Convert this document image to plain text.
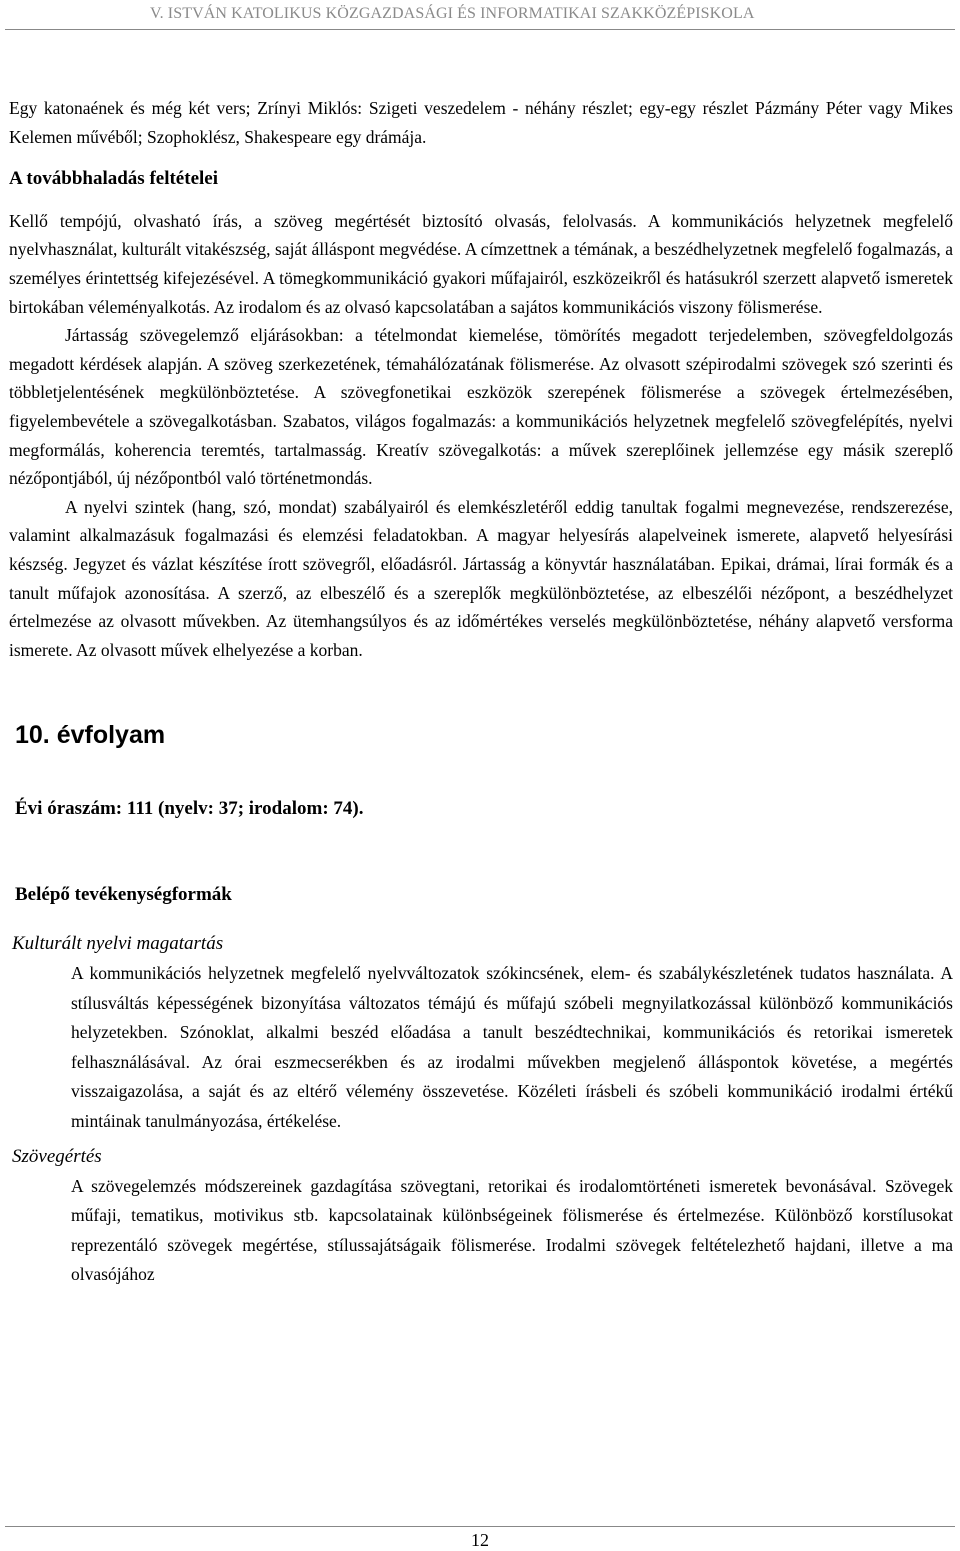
V. ISTVÁN KATOLIKUS KÖZGAZDASÁGI ÉS INFORMATIKAI SZAKKÖZÉPISKOLA

Egy katonaének és még két vers; Zrínyi Miklós: Szigeti veszedelem - néhány részlet; egy-egy részlet Pázmány Péter vagy Mikes Kelemen művéből; Szophoklész, Shakespeare egy drámája.

A továbbhaladás feltételei

Kellő tempójú, olvasható írás, a szöveg megértését biztosító olvasás, felolvasás. A kommunikációs helyzetnek megfelelő nyelvhasználat, kulturált vitakészség, saját álláspont megvédése. A címzettnek a témának, a beszédhelyzetnek megfelelő fogalmazás, a személyes érintettség kifejezésével. A tömegkommunikáció gyakori műfajairól, eszközeikről és hatásukról szerzett alapvető ismeretek birtokában véleményalkotás. Az irodalom és az olvasó kapcsolatában a sajátos kommunikációs viszony fölismerése.

Jártasság szövegelemző eljárásokban: a tételmondat kiemelése, tömörítés megadott terjedelemben, szövegfeldolgozás megadott kérdések alapján. A szöveg szerkezetének, témahálózatának fölismerése. Az olvasott szépirodalmi szövegek szó szerinti és többletjelentésének megkülönböztetése. A szövegfonetikai eszközök szerepének fölismerése a szövegek értelmezésében, figyelembevétele a szövegalkotásban. Szabatos, világos fogalmazás: a kommunikációs helyzetnek megfelelő szövegfelépítés, nyelvi megformálás, koherencia teremtés, tartalmasság. Kreatív szövegalkotás: a művek szereplőinek jellemzése egy másik szereplő nézőpontjából, új nézőpontból való történetmondás.

A nyelvi szintek (hang, szó, mondat) szabályairól és elemkészletéről eddig tanultak fogalmi megnevezése, rendszerezése, valamint alkalmazásuk fogalmazási és elemzési feladatokban. A magyar helyesírás alapelveinek ismerete, alapvető helyesírási készség. Jegyzet és vázlat készítése írott szövegről, előadásról. Jártasság a könyvtár használatában. Epikai, drámai, lírai formák és a tanult műfajok azonosítása. A szerző, az elbeszélő és a szereplők megkülönböztetése, az elbeszélői nézőpont, a beszédhelyzet értelmezése az olvasott művekben. Az ütemhangsúlyos és az időmértékes verselés megkülönböztetése, néhány alapvető versforma ismerete. Az olvasott művek elhelyezése a korban.

10. évfolyam

Évi óraszám: 111 (nyelv: 37; irodalom: 74).

Belépő tevékenységformák

Kulturált nyelvi magatartás

A kommunikációs helyzetnek megfelelő nyelvváltozatok szókincsének, elem- és szabálykészletének tudatos használata. A stílusváltás képességének bizonyítása változatos témájú és műfajú szóbeli megnyilatkozással különböző kommunikációs helyzetekben. Szónoklat, alkalmi beszéd előadása a tanult beszédtechnikai, kommunikációs és retorikai ismeretek felhasználásával. Az órai eszmecserékben és az irodalmi művekben megjelenő álláspontok követése, a megértés visszaigazolása, a saját és az eltérő vélemény összevetése. Közéleti írásbeli és szóbeli kommunikáció irodalmi értékű mintáinak tanulmányozása, értékelése.

Szövegértés

A szövegelemzés módszereinek gazdagítása szövegtani, retorikai és irodalomtörténeti ismeretek bevonásával. Szövegek műfaji, tematikus, motivikus stb. kapcsolatainak különbségeinek fölismerése és értelmezése. Különböző korstílusokat reprezentáló szövegek megértése, stílussajátságaik fölismerése. Irodalmi szövegek feltételezhető hajdani, illetve a ma olvasójához

12
